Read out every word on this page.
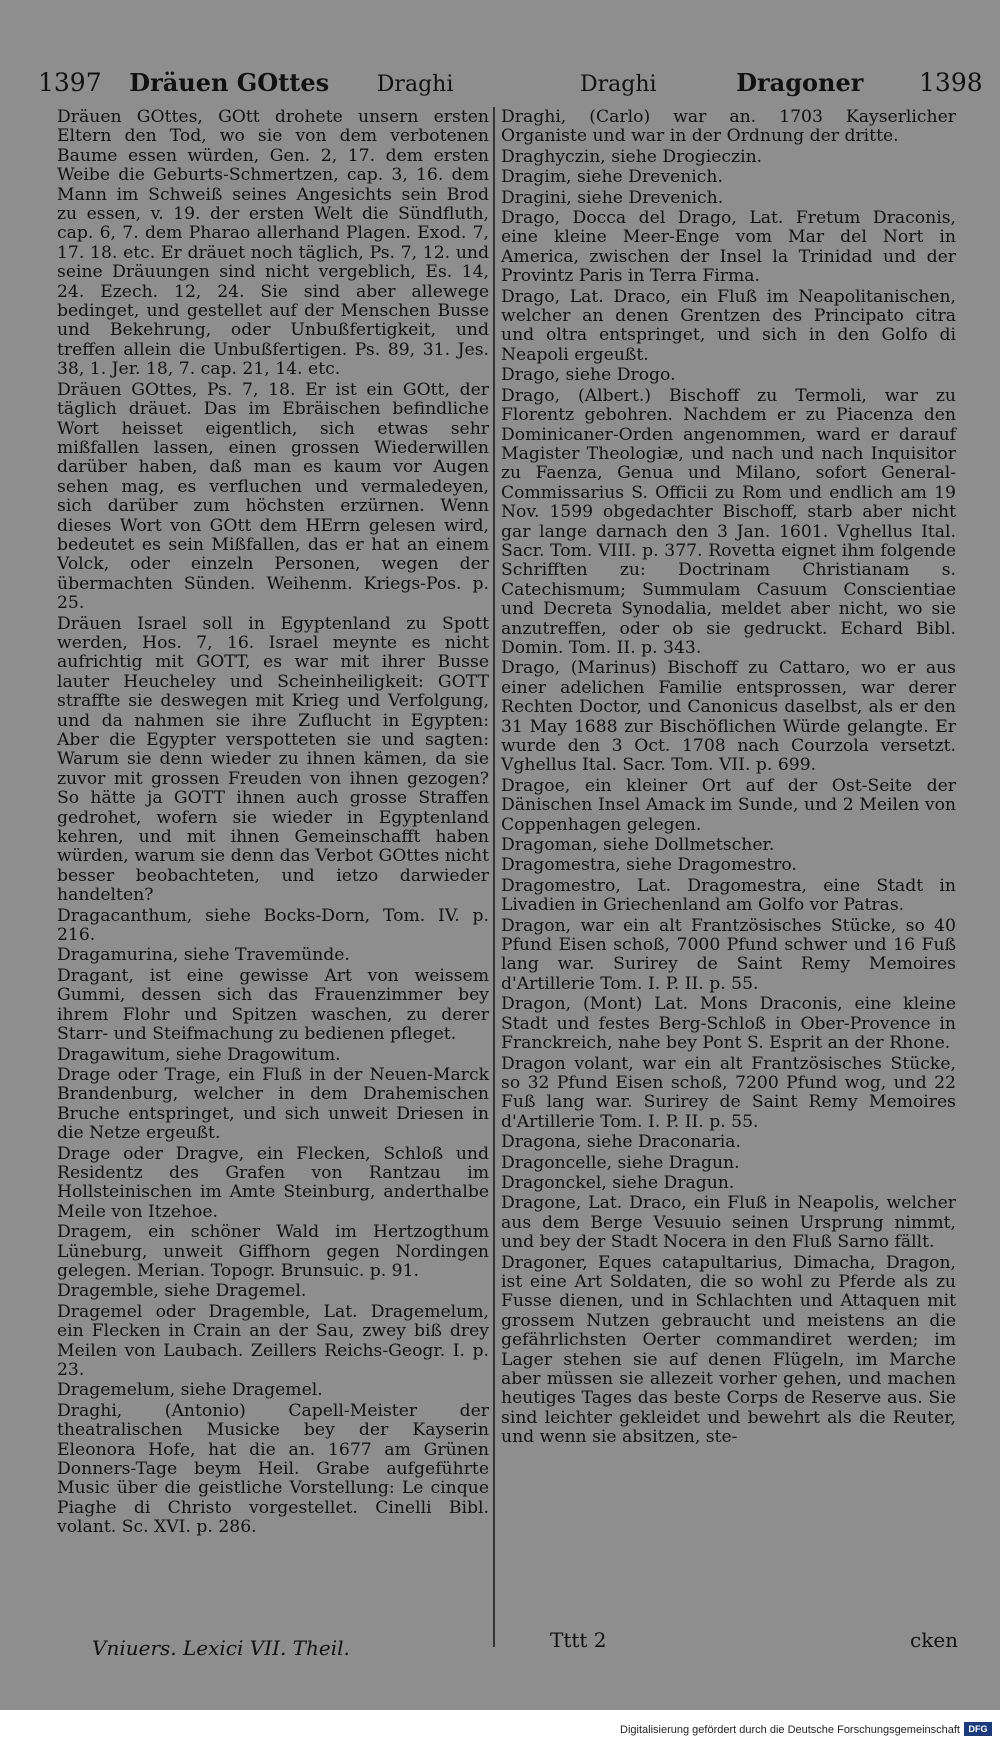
1397 Dräuen GOttes Draghi	Draghi	Dragoner 1398

Dräuen GOttes, GOtt drohete unsern ersten Eltern den Tod, wo sie von dem verbotenen Baume essen würden, Gen. 2, 17. dem ersten Weibe die Geburts-Schmertzen, cap. 3, 16. dem Mann im Schweiß seines Angesichts sein Brod zu essen, v. 19. der ersten Welt die Sündfluth, cap. 6, 7. dem Pharao allerhand Plagen. Exod. 7, 17. 18. etc. Er dräuet noch täglich, Ps. 7, 12. und seine Dräuungen sind nicht vergeblich, Es. 14, 24. Ezech. 12, 24. Sie sind aber allewege bedinget, und gestellet auf der Menschen Busse und Bekehrung, oder Unbußfertigkeit, und treffen allein die Unbußfertigen. Ps. 89, 31. Jes. 38, 1. Jer. 18, 7. cap. 21, 14. etc.

Dräuen GOttes, Ps. 7, 18. Er ist ein GOtt, der täglich dräuet. Das im Ebräischen befindliche Wort heisset eigentlich, sich etwas sehr mißfallen lassen, einen grossen Wiederwillen darüber haben, daß man es kaum vor Augen sehen mag, es verfluchen und vermaledeyen, sich darüber zum höchsten erzürnen. Wenn dieses Wort von GOtt dem HErrn gelesen wird, bedeutet es sein Mißfallen, das er hat an einem Volck, oder einzeln Personen, wegen der übermachten Sünden. Weihenm. Kriegs-Pos. p. 25.

Dräuen Israel soll in Egyptenland zu Spott werden, Hos. 7, 16. Israel meynte es nicht aufrichtig mit GOTT, es war mit ihrer Busse lauter Heucheley und Scheinheiligkeit: GOTT straffte sie deswegen mit Krieg und Verfolgung, und da nahmen sie ihre Zuflucht in Egypten: Aber die Egypter verspotteten sie und sagten: Warum sie denn wieder zu ihnen kämen, da sie zuvor mit grossen Freuden von ihnen gezogen? So hätte ja GOTT ihnen auch grosse Straffen gedrohet, wofern sie wieder in Egyptenland kehren, und mit ihnen Gemeinschafft haben würden, warum sie denn das Verbot GOttes nicht besser beobachteten, und ietzo darwieder handelten?

Dragacanthum, siehe Bocks-Dorn, Tom. IV. p. 216.

Dragamurina, siehe Travemünde.

Dragant, ist eine gewisse Art von weissem Gummi, dessen sich das Frauenzimmer bey ihrem Flohr und Spitzen waschen, zu derer Starr- und Steifmachung zu bedienen pfleget.

Dragawitum, siehe Dragowitum.

Drage oder Trage, ein Fluß in der Neuen-Marck Brandenburg, welcher in dem Drahemischen Bruche entspringet, und sich unweit Driesen in die Netze ergeußt.

Drage oder Dragve, ein Flecken, Schloß und Residentz des Grafen von Rantzau im Hollsteinischen im Amte Steinburg, anderthalbe Meile von Itzehoe.

Dragem, ein schöner Wald im Hertzogthum Lüneburg, unweit Giffhorn gegen Nordingen gelegen. Merian. Topogr. Brunsuic. p. 91.

Dragemble, siehe Dragemel.

Dragemel oder Dragemble, Lat. Dragemelum, ein Flecken in Crain an der Sau, zwey biß drey Meilen von Laubach. Zeillers Reichs-Geogr. I. p. 23.

Dragemelum, siehe Dragemel.

Draghi, (Antonio) Capell-Meister der theatralischen Musicke bey der Kayserin Eleonora Hofe, hat die an. 1677 am Grünen Donners-Tage beym Heil. Grabe aufgeführte Music über die geistliche Vorstellung: Le cinque Piaghe di Christo vorgestellet. Cinelli Bibl. volant. Sc. XVI. p. 286.

Draghi, (Carlo) war an. 1703 Kayserlicher Organiste und war in der Ordnung der dritte.

Draghyczin, siehe Drogieczin.

Dragim, siehe Drevenich.

Dragini, siehe Drevenich.

Drago, Docca del Drago, Lat. Fretum Draconis, eine kleine Meer-Enge vom Mar del Nort in America, zwischen der Insel la Trinidad und der Provintz Paris in Terra Firma.

Drago, Lat. Draco, ein Fluß im Neapolitanischen, welcher an denen Grentzen des Principato citra und oltra entspringet, und sich in den Golfo di Neapoli ergeußt.

Drago, siehe Drogo.

Drago, (Albert.) Bischoff zu Termoli, war zu Florentz gebohren. Nachdem er zu Piacenza den Dominicaner-Orden angenommen, ward er darauf Magister Theologiæ, und nach und nach Inquisitor zu Faenza, Genua und Milano, sofort General-Commissarius S. Officii zu Rom und endlich am 19 Nov. 1599 obgedachter Bischoff, starb aber nicht gar lange darnach den 3 Jan. 1601. Vghellus Ital. Sacr. Tom. VIII. p. 377. Rovetta eignet ihm folgende Schrifften zu: Doctrinam Christianam s. Catechismum; Summulam Casuum Conscientiae und Decreta Synodalia, meldet aber nicht, wo sie anzutreffen, oder ob sie gedruckt. Echard Bibl. Domin. Tom. II. p. 343.

Drago, (Marinus) Bischoff zu Cattaro, wo er aus einer adelichen Familie entsprossen, war derer Rechten Doctor, und Canonicus daselbst, als er den 31 May 1688 zur Bischöflichen Würde gelangte. Er wurde den 3 Oct. 1708 nach Courzola versetzt. Vghellus Ital. Sacr. Tom. VII. p. 699.

Dragoe, ein kleiner Ort auf der Ost-Seite der Dänischen Insel Amack im Sunde, und 2 Meilen von Coppenhagen gelegen.

Dragoman, siehe Dollmetscher.

Dragomestra, siehe Dragomestro.

Dragomestro, Lat. Dragomestra, eine Stadt in Livadien in Griechenland am Golfo vor Patras.

Dragon, war ein alt Frantzösisches Stücke, so 40 Pfund Eisen schoß, 7000 Pfund schwer und 16 Fuß lang war. Surirey de Saint Remy Memoires d'Artillerie Tom. I. P. II. p. 55.

Dragon, (Mont) Lat. Mons Draconis, eine kleine Stadt und festes Berg-Schloß in Ober-Provence in Franckreich, nahe bey Pont S. Esprit an der Rhone.

Dragon volant, war ein alt Frantzösisches Stücke, so 32 Pfund Eisen schoß, 7200 Pfund wog, und 22 Fuß lang war. Surirey de Saint Remy Memoires d'Artillerie Tom. I. P. II. p. 55.

Dragona, siehe Draconaria.

Dragoncelle, siehe Dragun.

Dragonckel, siehe Dragun.

Dragone, Lat. Draco, ein Fluß in Neapolis, welcher aus dem Berge Vesuuio seinen Ursprung nimmt, und bey der Stadt Nocera in den Fluß Sarno fällt.

Dragoner, Eques catapultarius, Dimacha, Dragon, ist eine Art Soldaten, die so wohl zu Pferde als zu Fusse dienen, und in Schlachten und Attaquen mit grossem Nutzen gebraucht und meistens an die gefährlichsten Oerter commandiret werden; im Lager stehen sie auf denen Flügeln, im Marche aber müssen sie allezeit vorher gehen, und machen heutiges Tages das beste Corps de Reserve aus. Sie sind leichter gekleidet und bewehrt als die Reuter, und wenn sie absitzen, ste-

Vniuers. Lexici VII. Theil.	Tttt 2	cken
Digitalisierung gefördert durch die Deutsche Forschungsgemeinschaft DFG
